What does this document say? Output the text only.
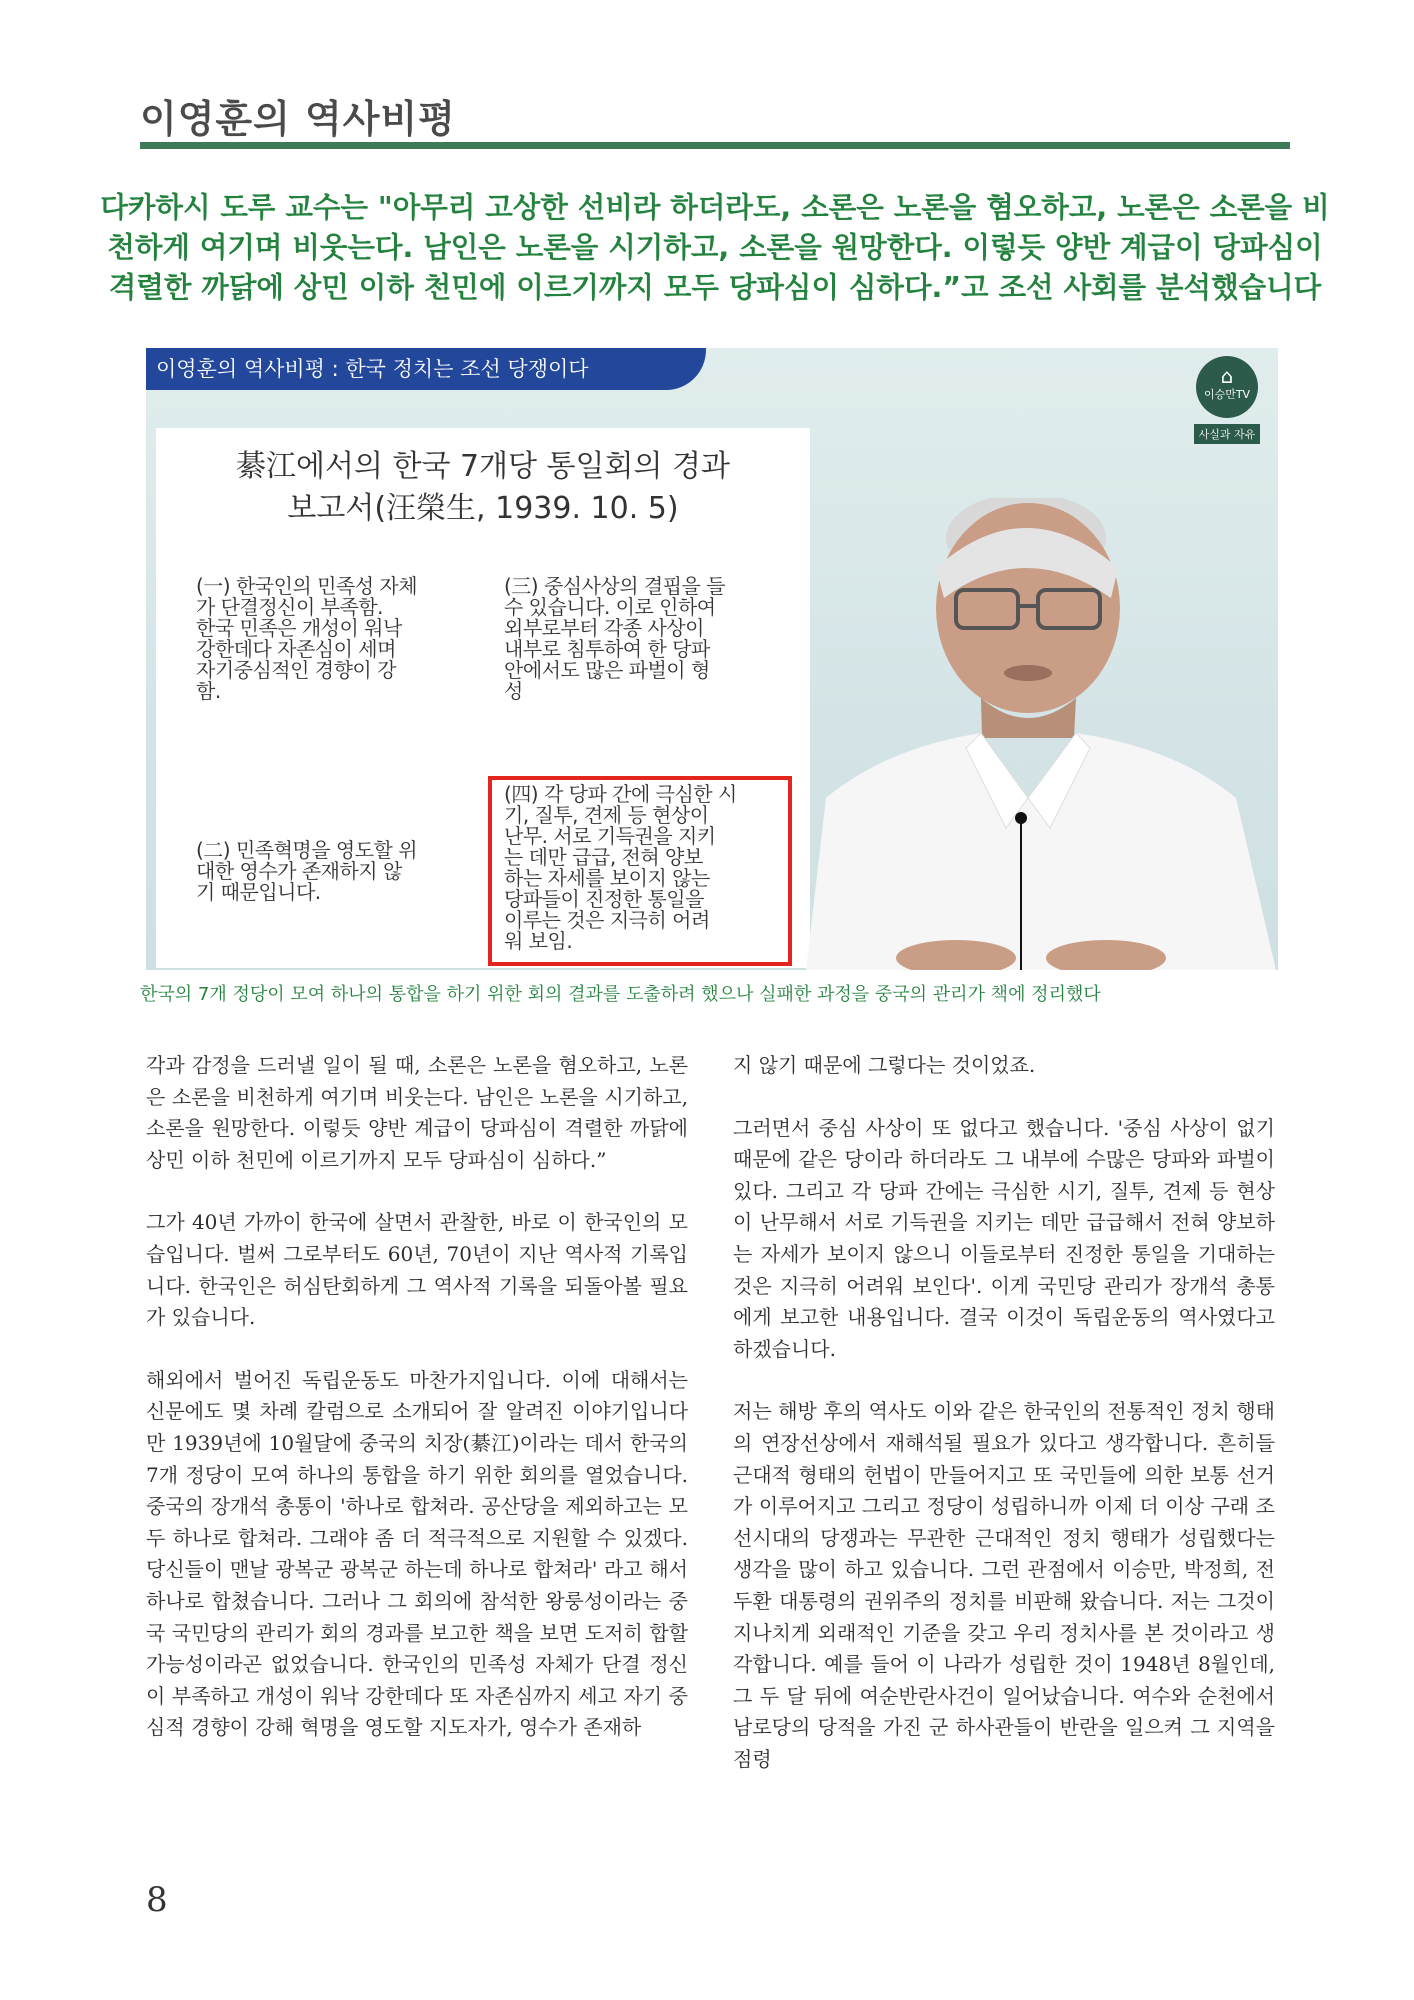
이영훈의 역사비평
다카하시 도루 교수는 "아무리 고상한 선비라 하더라도, 소론은 노론을 혐오하고, 노론은 소론을 비천하게 여기며 비웃는다. 남인은 노론을 시기하고, 소론을 원망한다. 이렇듯 양반 계급이 당파심이 격렬한 까닭에 상민 이하 천민에 이르기까지 모두 당파심이 심하다.”고 조선 사회를 분석했습니다
이영훈의 역사비평 : 한국 정치는 조선 당쟁이다	⌂
이승만TV
사실과 자유
綦江에서의 한국 7개당 통일회의 경과
보고서(汪榮生, 1939. 10. 5)
(一) 한국인의 민족성 자체
가 단결정신이 부족함.
한국 민족은 개성이 워낙
강한데다 자존심이 세며
자기중심적인 경향이 강
함.
(二) 민족혁명을 영도할 위
대한 영수가 존재하지 않
기 때문입니다.
(三) 중심사상의 결핍을 들
수 있습니다. 이로 인하여
외부로부터 각종 사상이
내부로 침투하여 한 당파
안에서도 많은 파벌이 형
성
(四) 각 당파 간에 극심한 시
기, 질투, 견제 등 현상이
난무. 서로 기득권을 지키
는 데만 급급, 전혀 양보
하는 자세를 보이지 않는
당파들이 진정한 통일을
이루는 것은 지극히 어려
워 보임.
한국의 7개 정당이 모여 하나의 통합을 하기 위한 회의 결과를 도출하려 했으나 실패한 과정을 중국의 관리가 책에 정리했다

각과 감정을 드러낼 일이 될 때, 소론은 노론을 혐오하고, 노론은 소론을 비천하게 여기며 비웃는다. 남인은 노론을 시기하고, 소론을 원망한다. 이렇듯 양반 계급이 당파심이 격렬한 까닭에 상민 이하 천민에 이르기까지 모두 당파심이 심하다.”

그가 40년 가까이 한국에 살면서 관찰한, 바로 이 한국인의 모습입니다. 벌써 그로부터도 60년, 70년이 지난 역사적 기록입니다. 한국인은 허심탄회하게 그 역사적 기록을 되돌아볼 필요가 있습니다.

해외에서 벌어진 독립운동도 마찬가지입니다. 이에 대해서는 신문에도 몇 차례 칼럼으로 소개되어 잘 알려진 이야기입니다만 1939년에 10월달에 중국의 치장(綦江)이라는 데서 한국의 7개 정당이 모여 하나의 통합을 하기 위한 회의를 열었습니다. 중국의 장개석 총통이 '하나로 합쳐라. 공산당을 제외하고는 모두 하나로 합쳐라. 그래야 좀 더 적극적으로 지원할 수 있겠다. 당신들이 맨날 광복군 광복군 하는데 하나로 합쳐라' 라고 해서 하나로 합쳤습니다. 그러나 그 회의에 참석한 왕룽성이라는 중국 국민당의 관리가 회의 경과를 보고한 책을 보면 도저히 합할 가능성이라곤 없었습니다. 한국인의 민족성 자체가 단결 정신이 부족하고 개성이 워낙 강한데다 또 자존심까지 세고 자기 중심적 경향이 강해 혁명을 영도할 지도자가, 영수가 존재하

지 않기 때문에 그렇다는 것이었죠.

그러면서 중심 사상이 또 없다고 했습니다. '중심 사상이 없기 때문에 같은 당이라 하더라도 그 내부에 수많은 당파와 파벌이 있다. 그리고 각 당파 간에는 극심한 시기, 질투, 견제 등 현상이 난무해서 서로 기득권을 지키는 데만 급급해서 전혀 양보하는 자세가 보이지 않으니 이들로부터 진정한 통일을 기대하는 것은 지극히 어려워 보인다'. 이게 국민당 관리가 장개석 총통에게 보고한 내용입니다. 결국 이것이 독립운동의 역사였다고 하겠습니다.

저는 해방 후의 역사도 이와 같은 한국인의 전통적인 정치 행태의 연장선상에서 재해석될 필요가 있다고 생각합니다. 흔히들 근대적 형태의 헌법이 만들어지고 또 국민들에 의한 보통 선거가 이루어지고 그리고 정당이 성립하니까 이제 더 이상 구래 조선시대의 당쟁과는 무관한 근대적인 정치 행태가 성립했다는 생각을 많이 하고 있습니다. 그런 관점에서 이승만, 박정희, 전두환 대통령의 권위주의 정치를 비판해 왔습니다. 저는 그것이 지나치게 외래적인 기준을 갖고 우리 정치사를 본 것이라고 생각합니다. 예를 들어 이 나라가 성립한 것이 1948년 8월인데, 그 두 달 뒤에 여순반란사건이 일어났습니다. 여수와 순천에서 남로당의 당적을 가진 군 하사관들이 반란을 일으켜 그 지역을 점령

8
